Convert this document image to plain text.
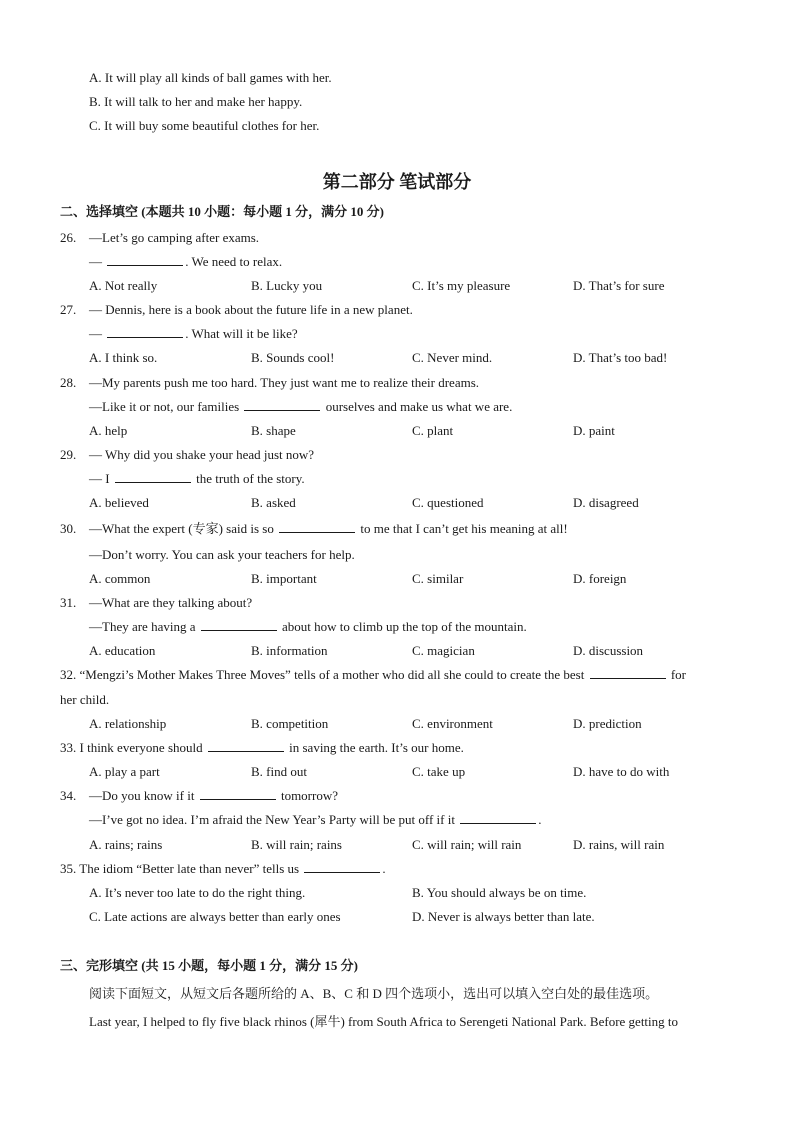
A. It will play all kinds of ball games with her.
B. It will talk to her and make her happy.
C. It will buy some beautiful clothes for her.
第二部分 笔试部分
二、选择填空 (本题共 10 小题：每小题 1 分，满分 10 分)
26. —Let’s go camping after exams.
—	. We need to relax.
A. Not really	B. Lucky you	C. It’s my pleasure	D. That’s for sure
27. — Dennis, here is a book about the future life in a new planet.
—	. What will it be like?
A. I think so.	B. Sounds cool!	C. Never mind.	D. That’s too bad!
28. —My parents push me too hard. They just want me to realize their dreams.
—Like it or not, our families	ourselves and make us what we are.
A. help	B. shape	C. plant	D. paint
29. — Why did you shake your head just now?
— I	the truth of the story.
A. believed	B. asked	C. questioned	D. disagreed
30. —What the expert (专家) said is so	to me that I can’t get his meaning at all!
—Don’t worry. You can ask your teachers for help.
A. common	B. important	C. similar	D. foreign
31. —What are they talking about?
—They are having a	about how to climb up the top of the mountain.
A. education	B. information	C. magician	D. discussion
32. “Mengzi’s Mother Makes Three Moves” tells of a mother who did all she could to create the best	for
her child.
A. relationship	B. competition	C. environment	D. prediction
33. I think everyone should	in saving the earth. It’s our home.
A. play a part	B. find out	C. take up	D. have to do with
34. —Do you know if it	tomorrow?
—I’ve got no idea. I’m afraid the New Year’s Party will be put off if it	.
A. rains; rains	B. will rain; rains	C. will rain; will rain	D. rains, will rain
35. The idiom “Better late than never” tells us	.
A. It’s never too late to do the right thing.	B. You should always be on time.
C. Late actions are always better than early ones	D. Never is always better than late.
三、完形填空 (共 15 小题，每小题 1 分，满分 15 分)
阅读下面短文，从短文后各题所给的 A、B、C 和 D 四个选项小，选出可以填入空白处的最佳选项。
Last year, I helped to fly five black rhinos (犀牛) from South Africa to Serengeti National Park. Before getting to
